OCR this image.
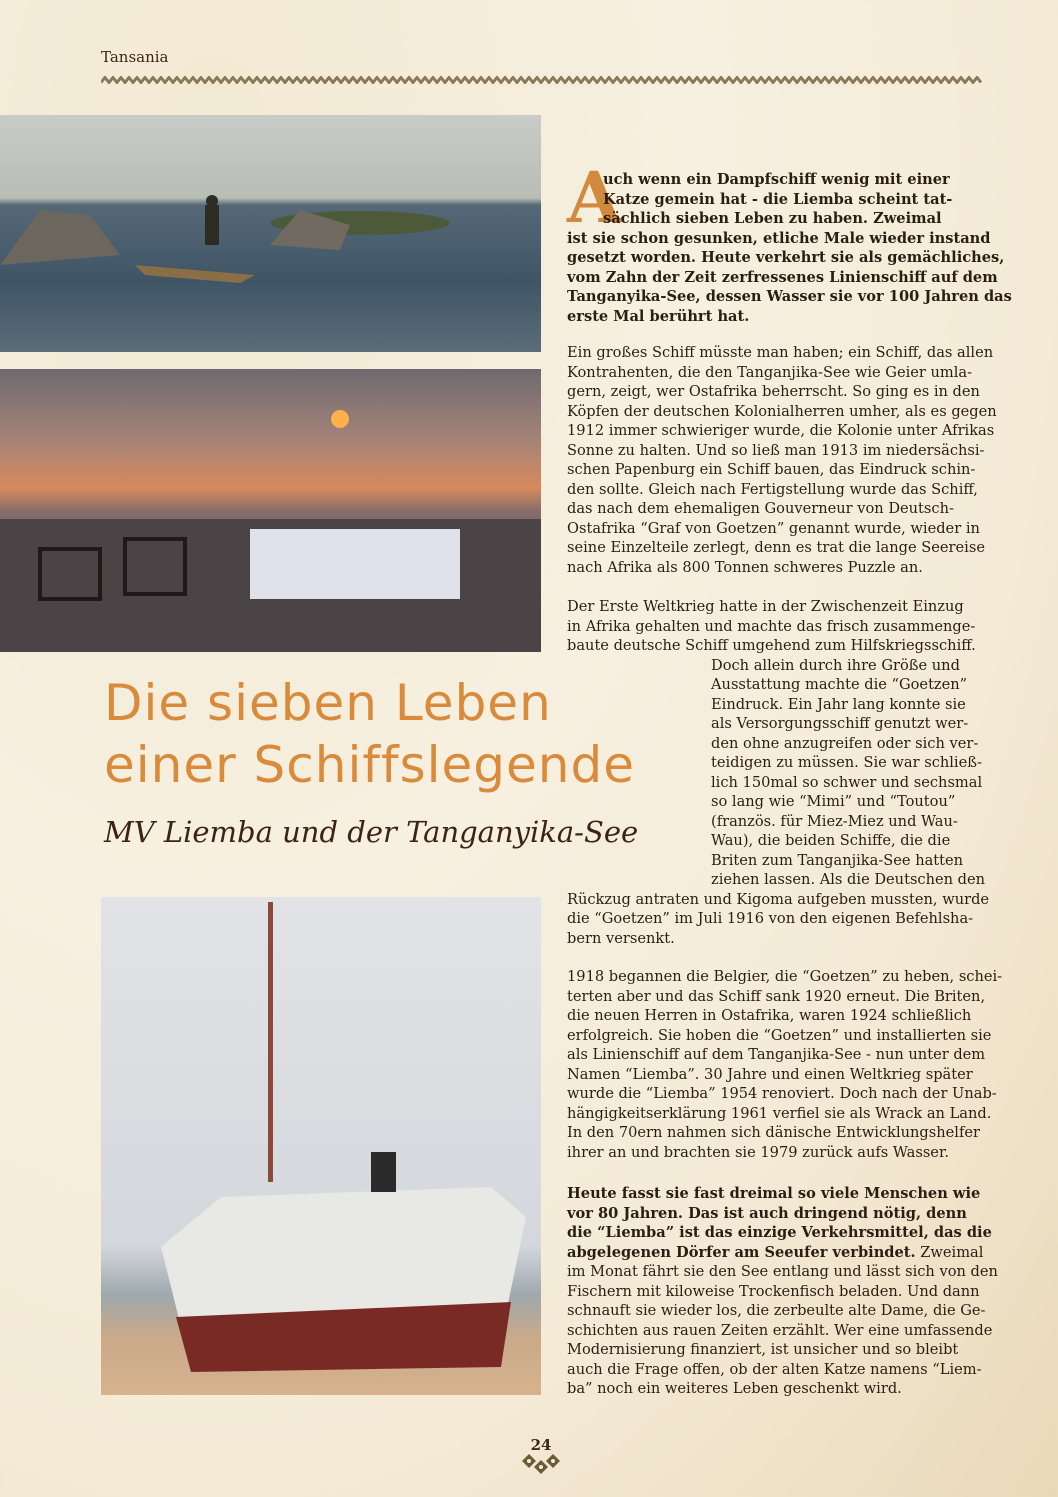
Tansania
A
uch wenn ein Dampfschiff wenig mit einer
Katze gemein hat - die Liemba scheint tat-
sächlich sieben Leben zu haben. Zweimal
ist sie schon gesunken, etliche Male wieder instand
gesetzt worden. Heute verkehrt sie als gemächliches,
vom Zahn der Zeit zerfressenes Linienschiff auf dem
Tanganyika-See, dessen Wasser sie vor 100 Jahren das
erste Mal berührt hat.
Ein großes Schiff müsste man haben; ein Schiff, das allen
Kontrahenten, die den Tanganjika-See wie Geier umla-
gern, zeigt, wer Ostafrika beherrscht. So ging es in den
Köpfen der deutschen Kolonialherren umher, als es gegen
1912 immer schwieriger wurde, die Kolonie unter Afrikas
Sonne zu halten. Und so ließ man 1913 im niedersächsi-
schen Papenburg ein Schiff bauen, das Eindruck schin-
den sollte. Gleich nach Fertigstellung wurde das Schiff,
das nach dem ehemaligen Gouverneur von Deutsch-
Ostafrika “Graf von Goetzen” genannt wurde, wieder in
seine Einzelteile zerlegt, denn es trat die lange Seereise
nach Afrika als 800 Tonnen schweres Puzzle an.
Der Erste Weltkrieg hatte in der Zwischenzeit Einzug
in Afrika gehalten und machte das frisch zusammenge-
baute deutsche Schiff umgehend zum Hilfskriegsschiff.
Doch allein durch ihre Größe und
Ausstattung machte die “Goetzen”
Eindruck. Ein Jahr lang konnte sie
als Versorgungsschiff genutzt wer-
den ohne anzugreifen oder sich ver-
teidigen zu müssen. Sie war schließ-
lich 150mal so schwer und sechsmal
so lang wie “Mimi” und “Toutou”
(französ. für Miez-Miez und Wau-
Wau), die beiden Schiffe, die die
Briten zum Tanganjika-See hatten
ziehen lassen. Als die Deutschen den
Rückzug antraten und Kigoma aufgeben mussten, wurde
die “Goetzen” im Juli 1916 von den eigenen Befehlsha-
bern versenkt.
1918 begannen die Belgier, die “Goetzen” zu heben, schei-
terten aber und das Schiff sank 1920 erneut. Die Briten,
die neuen Herren in Ostafrika, waren 1924 schließlich
erfolgreich. Sie hoben die “Goetzen” und installierten sie
als Linienschiff auf dem Tanganjika-See - nun unter dem
Namen “Liemba”. 30 Jahre und einen Weltkrieg später
wurde die “Liemba” 1954 renoviert. Doch nach der Unab-
hängigkeitserklärung 1961 verfiel sie als Wrack an Land.
In den 70ern nahmen sich dänische Entwicklungshelfer
ihrer an und brachten sie 1979 zurück aufs Wasser.
Heute fasst sie fast dreimal so viele Menschen wie
vor 80 Jahren. Das ist auch dringend nötig, denn
die “Liemba” ist das einzige Verkehrsmittel, das die
abgelegenen Dörfer am Seeufer verbindet. Zweimal
im Monat fährt sie den See entlang und lässt sich von den
Fischern mit kiloweise Trockenfisch beladen. Und dann
schnauft sie wieder los, die zerbeulte alte Dame, die Ge-
schichten aus rauen Zeiten erzählt. Wer eine umfassende
Modernisierung finanziert, ist unsicher und so bleibt
auch die Frage offen, ob der alten Katze namens “Liem-
ba” noch ein weiteres Leben geschenkt wird.
Die sieben Leben
einer Schiffslegende
MV Liemba und der Tanganyika-See
24
